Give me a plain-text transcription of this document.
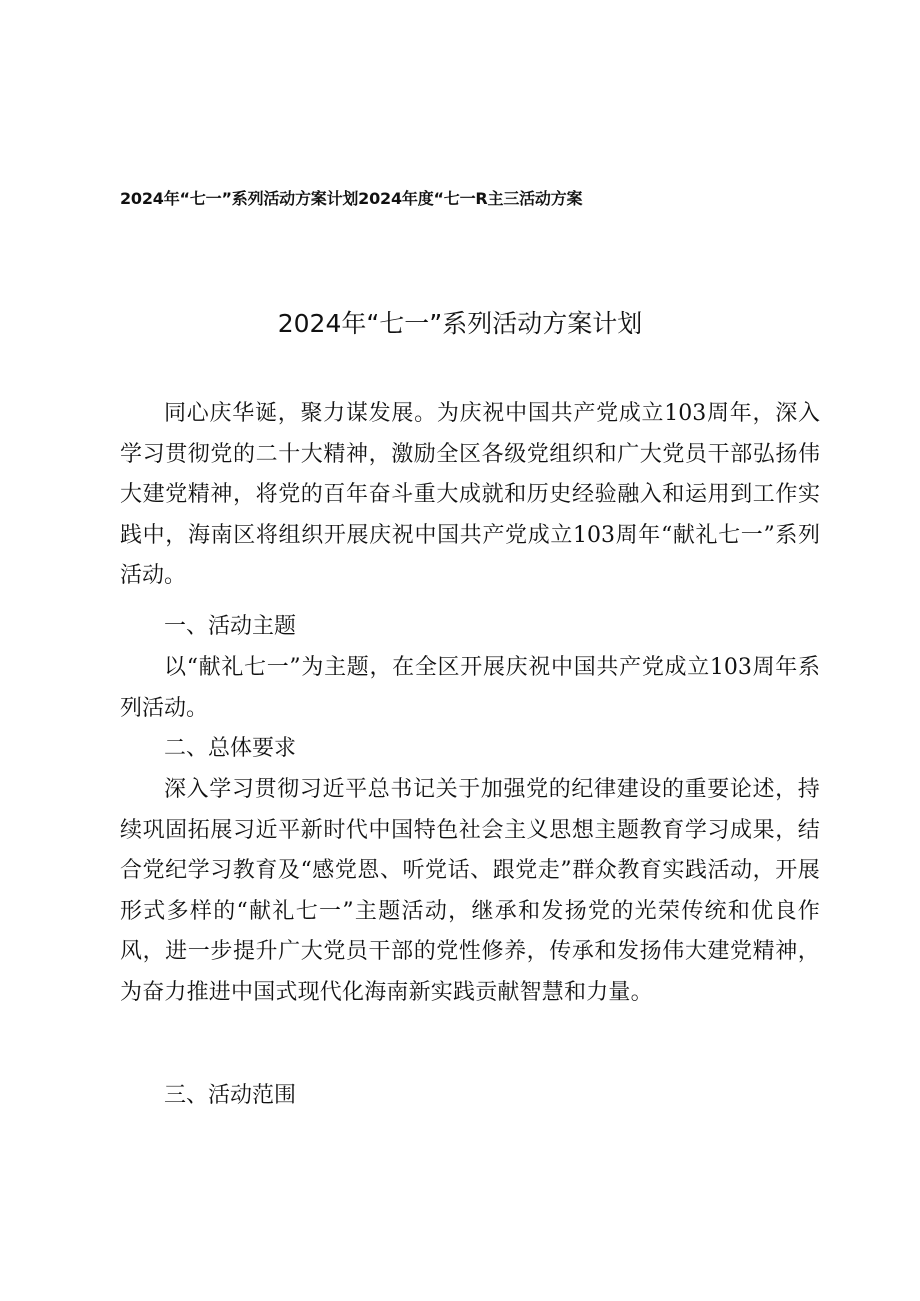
2024年“七一”系列活动方案计划2024年度“七一R主三活动方案
2024年“七一”系列活动方案计划

同心庆华诞，聚力谋发展。为庆祝中国共产党成立103周年，深入学习贯彻党的二十大精神，激励全区各级党组织和广大党员干部弘扬伟大建党精神，将党的百年奋斗重大成就和历史经验融入和运用到工作实践中，海南区将组织开展庆祝中国共产党成立103周年“献礼七一”系列活动。

一、活动主题

以“献礼七一”为主题，在全区开展庆祝中国共产党成立103周年系列活动。

二、总体要求

深入学习贯彻习近平总书记关于加强党的纪律建设的重要论述，持续巩固拓展习近平新时代中国特色社会主义思想主题教育学习成果，结合党纪学习教育及“感党恩、听党话、跟党走”群众教育实践活动，开展形式多样的“献礼七一”主题活动，继承和发扬党的光荣传统和优良作风，进一步提升广大党员干部的党性修养，传承和发扬伟大建党精神，为奋力推进中国式现代化海南新实践贡献智慧和力量。

三、活动范围
